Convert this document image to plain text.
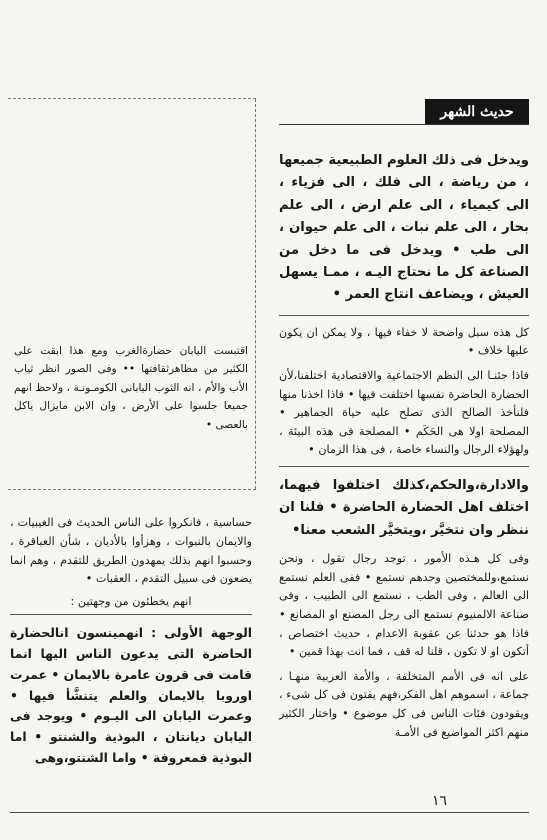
حديث الشهر
اقتبست اليابان حضارةالغرب ومع هذا ابقت على الكثير من مظاهرثقافتها •• وفى الصور انظر ثياب الأب والأم ، انه الثوب اليابانى الكومـونـة ، ولاحظ انهم جميعا جلسوا على الأرض ، وان الابن مايزال ياكل بالعصى •

ويدخل فى ذلك العلوم الطبيعية جميعها ، من رياضة ، الى فلك ، الى فزياء ، الى كيمياء ، الى علم ارض ، الى علم بحار ، الى علم نبات ، الى علم حيوان ، الى طب • ويدخل فى ما دخل من الصناعة كل ما نحتاج اليـه ، ممـا يسهل العيش ، ويضاعف انتاج العمر •

كل هذه سبل واضحة لا خفاء فيها ، ولا يمكن ان يكون عليها خلاف •

فاذا جئنـا الى النظم الاجتماعية والاقتصادية اختلفنا،لأن الحضارة الحاضرة نفسها اختلفت فيها • فاذا اخذنا منها فلنأخذ الصالح الذى تصلح عليه حياة الجماهير • المصلحة اولا هى الحَكَم • المصلحة فى هذه البيئة ، ولهؤلاء الرجال والنساء خاصة ، فى هذا الزمان •

والادارة،والحكم،كذلك اختلفوا فيهما، اختلف اهل الحضارة الحاضرة • فلنا ان ننظر وان نتخيَّر ،ويتخيَّر الشعب معنا•

وفى كل هـذه الأمور ، توجد رجال تقول ، ونحن نستمع،وللمختصين وحدهم نستمع • ففى العلم نستمع الى العالم ، وفى الطب ، نستمع الى الطبيب ، وفى صناعة الالمنيوم نستمع الى رجل المصنع او المصانع • فاذا هو حدثنا عن عقوبة الاعدام ، حديث اختصاص ، أتكون او لا تكون ، قلنا له قف ، فما انت بهذا قمين •

على انه فى الأمم المتخلفة ، والأمة العربية منهـا ، جماعة ، اسموهم اهل الفكر،فهم يفتون فى كل شىء ، ويقودون فئات الناس فى كل موضوع • واختار الكثير منهم اكثر المواضيع فى الأمـة

حساسية ، فانكروا على الناس الحديث فى الغيبيات ، والايمان بالنبوات ، وهزأوا بالأديان ، شأن العباقرة ، وحسبوا انهم بذلك يمهدون الطريق للتقدم ، وهم انما يضعون فى سبيل التقدم ، العقبات •

انهم يخطئون من وجهتين :

الوجهة الأولى : انهمينسون انالحضارة الحاضرة التى يدعون الناس اليها انما قامت فى قرون عامرة بالايمان • عمرت اوروبا بالايمان والعلم يتنشَّأ فيها • وعمرت اليابان الى اليـوم • ويوجد فى اليابان ديانتان ، البوذية والشنتو • اما البوذية فمعروفة • واما الشنتو،وهى

١٦
